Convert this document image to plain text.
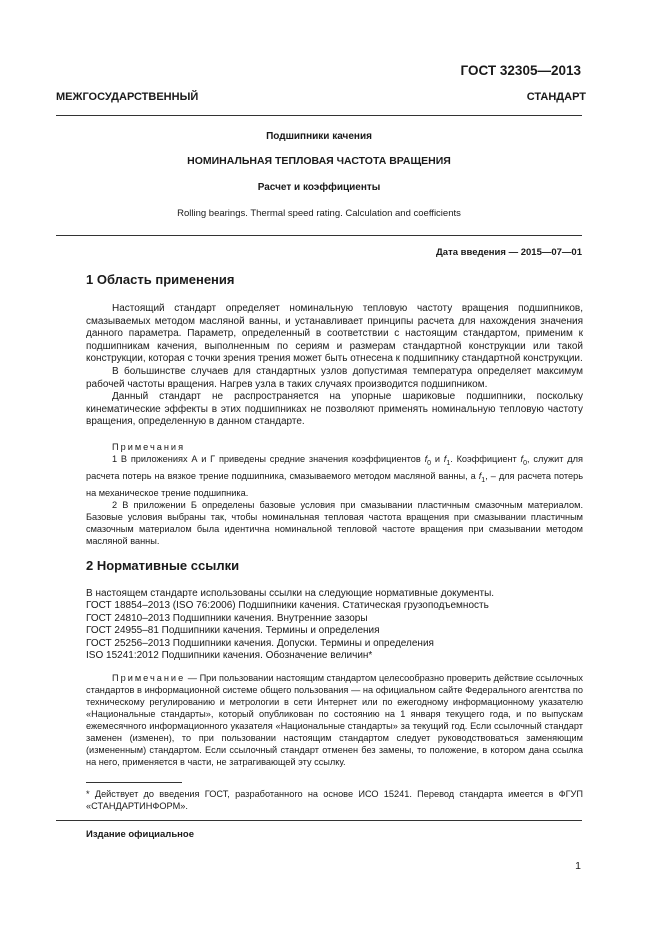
ГОСТ 32305—2013
МЕЖГОСУДАРСТВЕННЫЙ СТАНДАРТ
Подшипники качения
НОМИНАЛЬНАЯ ТЕПЛОВАЯ ЧАСТОТА ВРАЩЕНИЯ
Расчет и коэффициенты
Rolling bearings. Thermal speed rating. Calculation and coefficients
Дата введения — 2015—07—01
1 Область применения

Настоящий стандарт определяет номинальную тепловую частоту вращения подшипников, смазываемых методом масляной ванны, и устанавливает принципы расчета для нахождения значения данного параметра. Параметр, определенный в соответствии с настоящим стандартом, применим к подшипникам качения, выполненным по сериям и размерам стандартной конструкции или такой конструкции, которая с точки зрения трения может быть отнесена к подшипнику стандартной конструкции.

В большинстве случаев для стандартных узлов допустимая температура определяет максимум рабочей частоты вращения. Нагрев узла в таких случаях производится подшипником.

Данный стандарт не распространяется на упорные шариковые подшипники, поскольку кинематические эффекты в этих подшипниках не позволяют применять номинальную тепловую частоту вращения, определенную в данном стандарте.

Примечания

1 В приложениях А и Г приведены средние значения коэффициентов $f_0$ и $f_1$. Коэффициент $f_0$, служит для расчета потерь на вязкое трение подшипника, смазываемого методом масляной ванны, а $f_1$, – для расчета потерь на механическое трение подшипника.

2 В приложении Б определены базовые условия при смазывании пластичным смазочным материалом. Базовые условия выбраны так, чтобы номинальная тепловая частота вращения при смазывании пластичным смазочным материалом была идентична номинальной тепловой частоте вращения при смазывании методом масляной ванны.

2 Нормативные ссылки
В настоящем стандарте использованы ссылки на следующие нормативные документы.
ГОСТ 18854–2013 (ISO 76:2006) Подшипники качения. Статическая грузоподъемность
ГОСТ 24810–2013 Подшипники качения. Внутренние зазоры
ГОСТ 24955–81 Подшипники качения. Термины и определения
ГОСТ 25256–2013 Подшипники качения. Допуски. Термины и определения
ISO 15241:2012 Подшипники качения. Обозначение величин*

Примечание — При пользовании настоящим стандартом целесообразно проверить действие ссылочных стандартов в информационной системе общего пользования — на официальном сайте Федерального агентства по техническому регулированию и метрологии в сети Интернет или по ежегодному информационному указателю «Национальные стандарты», который опубликован по состоянию на 1 января текущего года, и по выпускам ежемесячного информационного указателя «Национальные стандарты» за текущий год. Если ссылочный стандарт заменен (изменен), то при пользовании настоящим стандартом следует руководствоваться заменяющим (измененным) стандартом. Если ссылочный стандарт отменен без замены, то положение, в котором дана ссылка на него, применяется в части, не затрагивающей эту ссылку.

* Действует до введения ГОСТ, разработанного на основе ИСО 15241. Перевод стандарта имеется в ФГУП «СТАНДАРТИНФОРМ».
Издание официальное
1
